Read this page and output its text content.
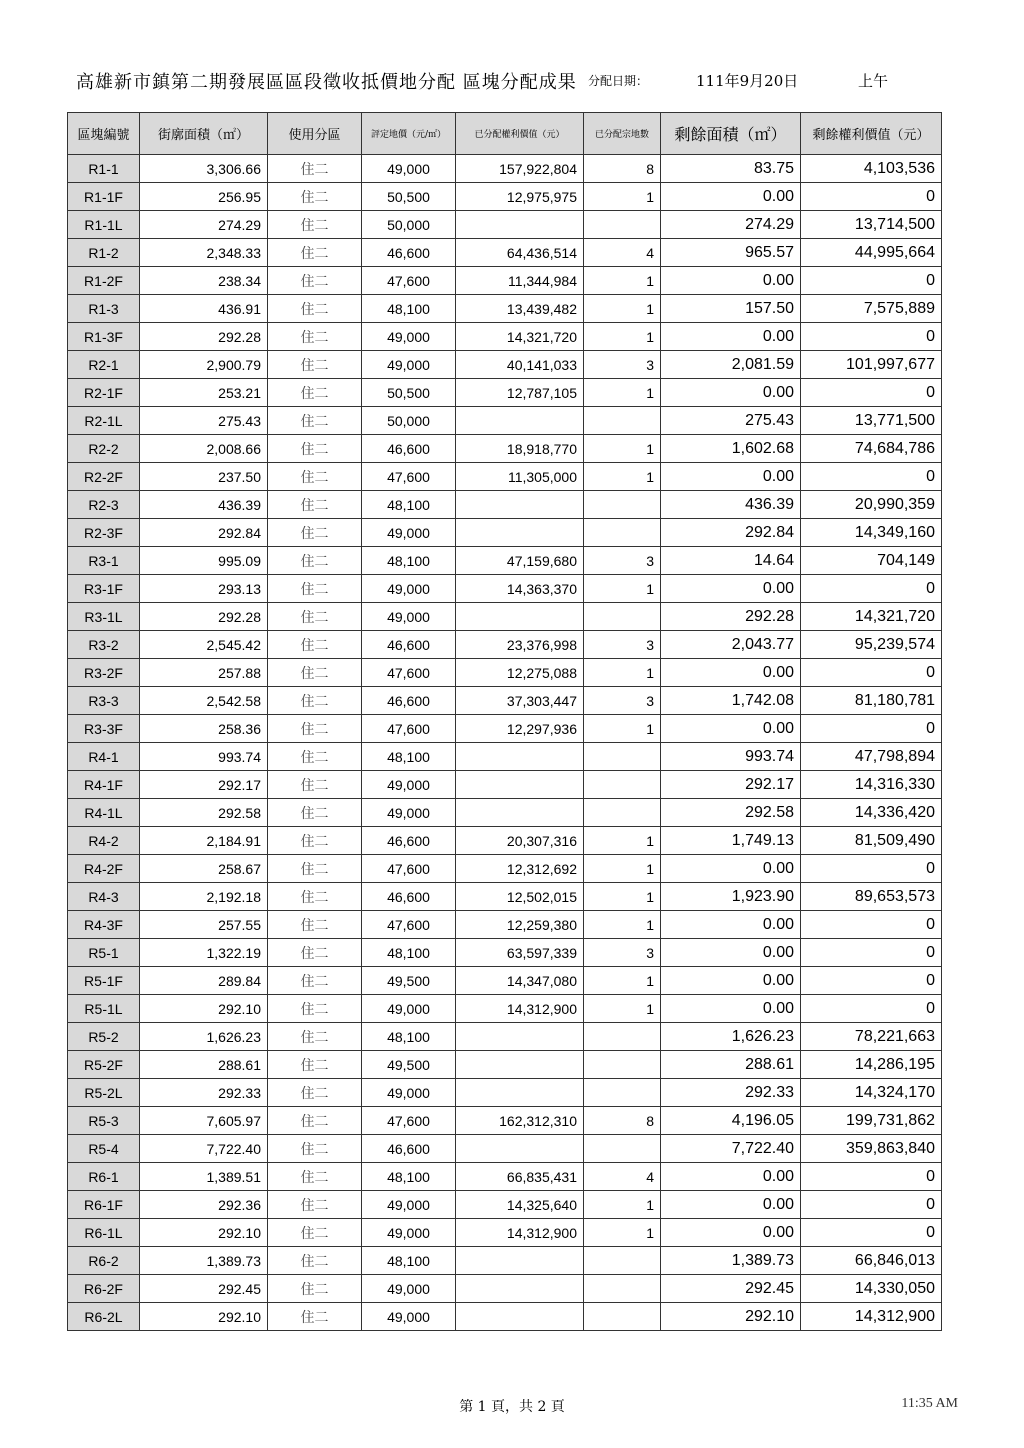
高雄新市鎮第二期發展區區段徵收抵價地分配 區塊分配成果 分配日期：	111年9月20日	上午
區塊編號	街廓面積（㎡）	使用分區	評定地價（元/㎡）	已分配權利價值（元）	已分配宗地數	剩餘面積（㎡）	剩餘權利價值（元）
R1-1	3,306.66	住二	49,000	157,922,804	8	83.75	4,103,536
R1-1F	256.95	住二	50,500	12,975,975	1	0.00	0
R1-1L	274.29	住二	50,000			274.29	13,714,500
R1-2	2,348.33	住二	46,600	64,436,514	4	965.57	44,995,664
R1-2F	238.34	住二	47,600	11,344,984	1	0.00	0
R1-3	436.91	住二	48,100	13,439,482	1	157.50	7,575,889
R1-3F	292.28	住二	49,000	14,321,720	1	0.00	0
R2-1	2,900.79	住二	49,000	40,141,033	3	2,081.59	101,997,677
R2-1F	253.21	住二	50,500	12,787,105	1	0.00	0
R2-1L	275.43	住二	50,000			275.43	13,771,500
R2-2	2,008.66	住二	46,600	18,918,770	1	1,602.68	74,684,786
R2-2F	237.50	住二	47,600	11,305,000	1	0.00	0
R2-3	436.39	住二	48,100			436.39	20,990,359
R2-3F	292.84	住二	49,000			292.84	14,349,160
R3-1	995.09	住二	48,100	47,159,680	3	14.64	704,149
R3-1F	293.13	住二	49,000	14,363,370	1	0.00	0
R3-1L	292.28	住二	49,000			292.28	14,321,720
R3-2	2,545.42	住二	46,600	23,376,998	3	2,043.77	95,239,574
R3-2F	257.88	住二	47,600	12,275,088	1	0.00	0
R3-3	2,542.58	住二	46,600	37,303,447	3	1,742.08	81,180,781
R3-3F	258.36	住二	47,600	12,297,936	1	0.00	0
R4-1	993.74	住二	48,100			993.74	47,798,894
R4-1F	292.17	住二	49,000			292.17	14,316,330
R4-1L	292.58	住二	49,000			292.58	14,336,420
R4-2	2,184.91	住二	46,600	20,307,316	1	1,749.13	81,509,490
R4-2F	258.67	住二	47,600	12,312,692	1	0.00	0
R4-3	2,192.18	住二	46,600	12,502,015	1	1,923.90	89,653,573
R4-3F	257.55	住二	47,600	12,259,380	1	0.00	0
R5-1	1,322.19	住二	48,100	63,597,339	3	0.00	0
R5-1F	289.84	住二	49,500	14,347,080	1	0.00	0
R5-1L	292.10	住二	49,000	14,312,900	1	0.00	0
R5-2	1,626.23	住二	48,100			1,626.23	78,221,663
R5-2F	288.61	住二	49,500			288.61	14,286,195
R5-2L	292.33	住二	49,000			292.33	14,324,170
R5-3	7,605.97	住二	47,600	162,312,310	8	4,196.05	199,731,862
R5-4	7,722.40	住二	46,600			7,722.40	359,863,840
R6-1	1,389.51	住二	48,100	66,835,431	4	0.00	0
R6-1F	292.36	住二	49,000	14,325,640	1	0.00	0
R6-1L	292.10	住二	49,000	14,312,900	1	0.00	0
R6-2	1,389.73	住二	48,100			1,389.73	66,846,013
R6-2F	292.45	住二	49,000			292.45	14,330,050
R6-2L	292.10	住二	49,000			292.10	14,312,900
第 1 頁，共 2 頁	11:35 AM
